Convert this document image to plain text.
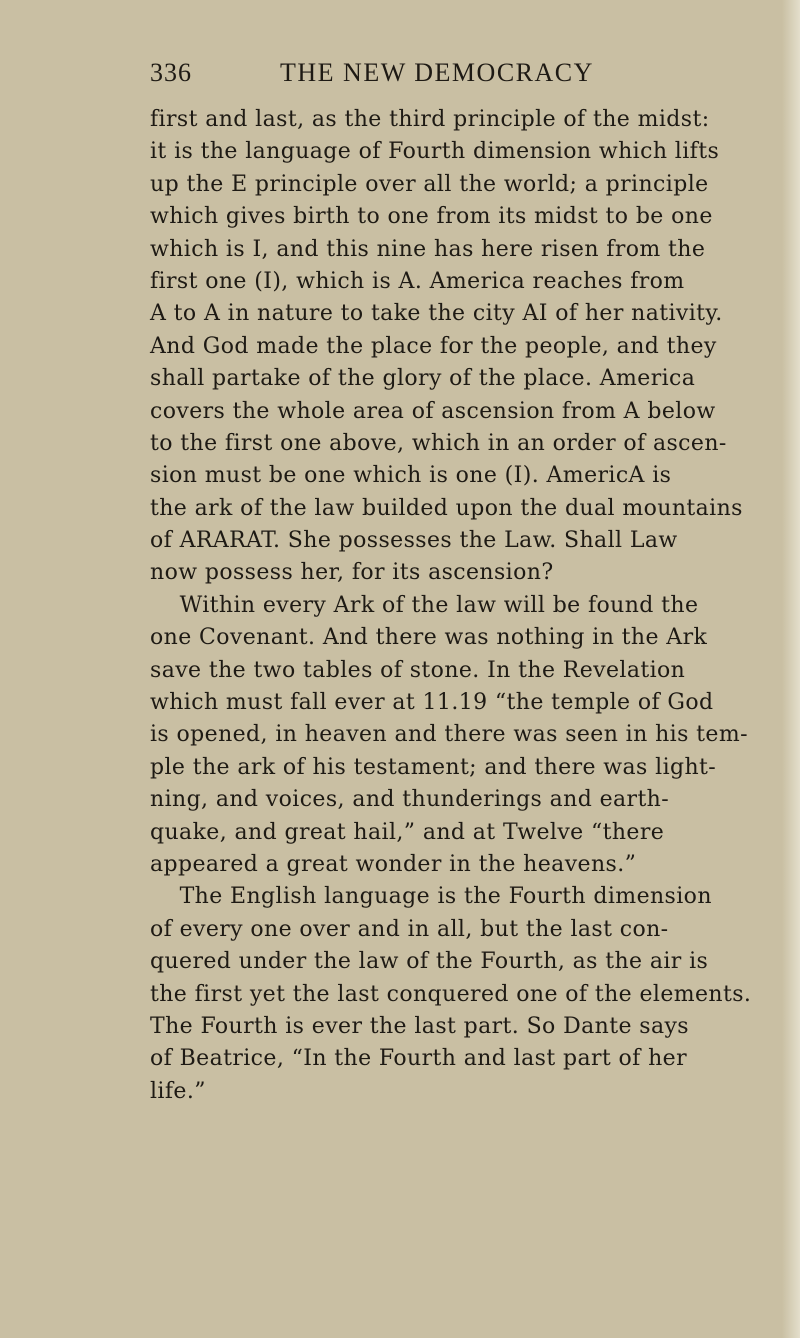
336	THE NEW DEMOCRACY
first and last, as the third principle of the midst:
it is the language of Fourth dimension which lifts
up the E principle over all the world; a principle
which gives birth to one from its midst to be one
which is I, and this nine has here risen from the
first one (I), which is A. America reaches from
A to A in nature to take the city AI of her nativity.
And God made the place for the people, and they
shall partake of the glory of the place. America
covers the whole area of ascension from A below
to the first one above, which in an order of ascen-
sion must be one which is one (I). AmericA is
the ark of the law builded upon the dual mountains
of ARARAT. She possesses the Law. Shall Law
now possess her, for its ascension?
Within every Ark of the law will be found the
one Covenant. And there was nothing in the Ark
save the two tables of stone. In the Revelation
which must fall ever at 11.19 “the temple of God
is opened, in heaven and there was seen in his tem-
ple the ark of his testament; and there was light-
ning, and voices, and thunderings and earth-
quake, and great hail,” and at Twelve “there
appeared a great wonder in the heavens.”
The English language is the Fourth dimension
of every one over and in all, but the last con-
quered under the law of the Fourth, as the air is
the first yet the last conquered one of the elements.
The Fourth is ever the last part. So Dante says
of Beatrice, “In the Fourth and last part of her
life.”
